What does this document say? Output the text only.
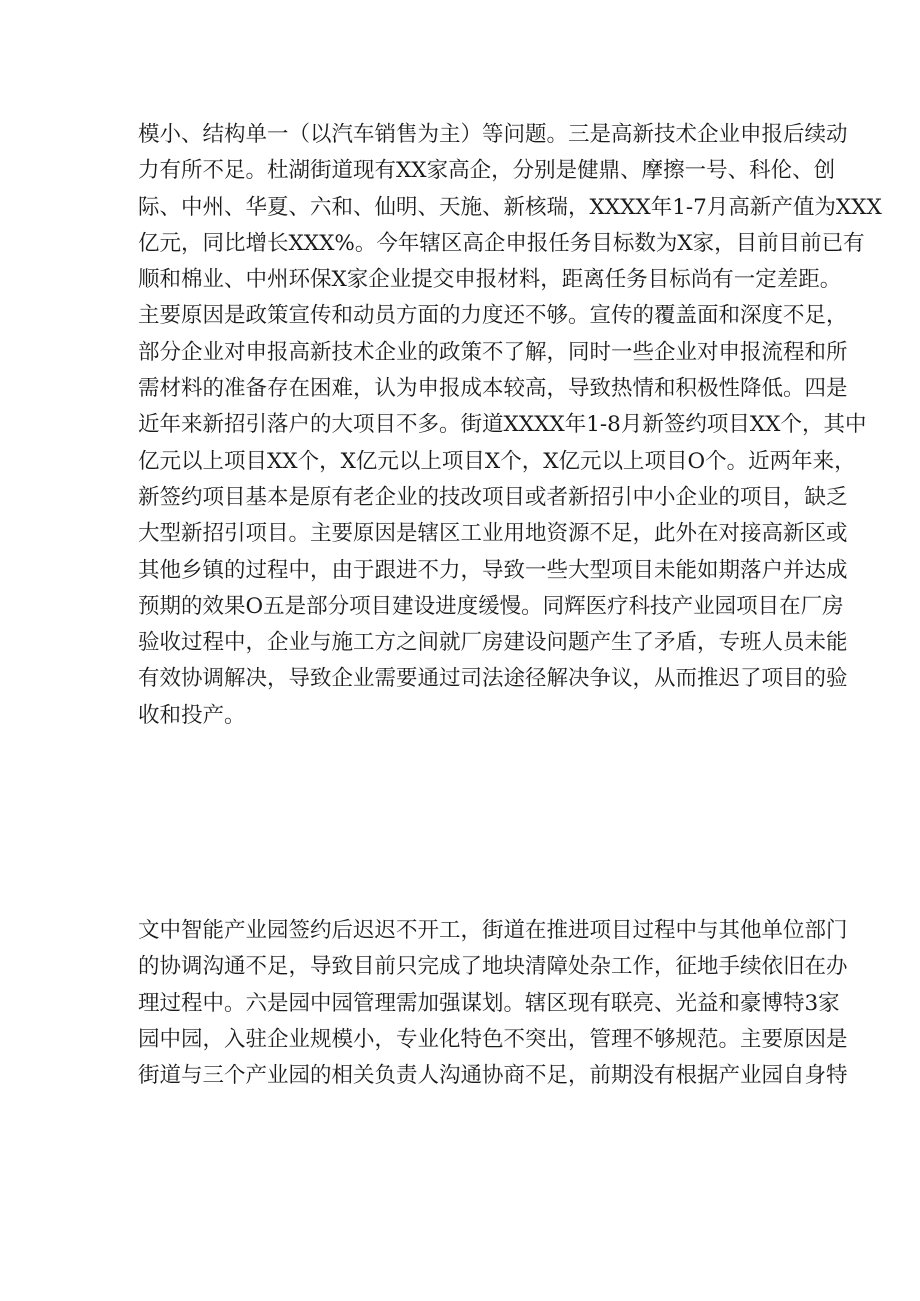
模小、结构单一（以汽车销售为主）等问题。三是高新技术企业申报后续动
力有所不足。杜湖街道现有XX家高企，分别是健鼎、摩擦一号、科伦、创
际、中州、华夏、六和、仙明、天施、新核瑞，XXXX年1-7月高新产值为XXX
亿元，同比增长XXX%。今年辖区高企申报任务目标数为X家，目前目前已有
顺和棉业、中州环保X家企业提交申报材料，距离任务目标尚有一定差距。
主要原因是政策宣传和动员方面的力度还不够。宣传的覆盖面和深度不足，
部分企业对申报高新技术企业的政策不了解，同时一些企业对申报流程和所
需材料的准备存在困难，认为申报成本较高，导致热情和积极性降低。四是
近年来新招引落户的大项目不多。街道XXXX年1-8月新签约项目XX个，其中
亿元以上项目XX个，X亿元以上项目X个，X亿元以上项目O个。近两年来，
新签约项目基本是原有老企业的技改项目或者新招引中小企业的项目，缺乏
大型新招引项目。主要原因是辖区工业用地资源不足，此外在对接高新区或
其他乡镇的过程中，由于跟进不力，导致一些大型项目未能如期落户并达成
预期的效果O五是部分项目建设进度缓慢。同辉医疗科技产业园项目在厂房
验收过程中，企业与施工方之间就厂房建设问题产生了矛盾，专班人员未能
有效协调解决，导致企业需要通过司法途径解决争议，从而推迟了项目的验
收和投产。
文中智能产业园签约后迟迟不开工，街道在推进项目过程中与其他单位部门
的协调沟通不足，导致目前只完成了地块清障处杂工作，征地手续依旧在办
理过程中。六是园中园管理需加强谋划。辖区现有联亮、光益和豪博特3家
园中园，入驻企业规模小，专业化特色不突出，管理不够规范。主要原因是
街道与三个产业园的相关负责人沟通协商不足，前期没有根据产业园自身特
